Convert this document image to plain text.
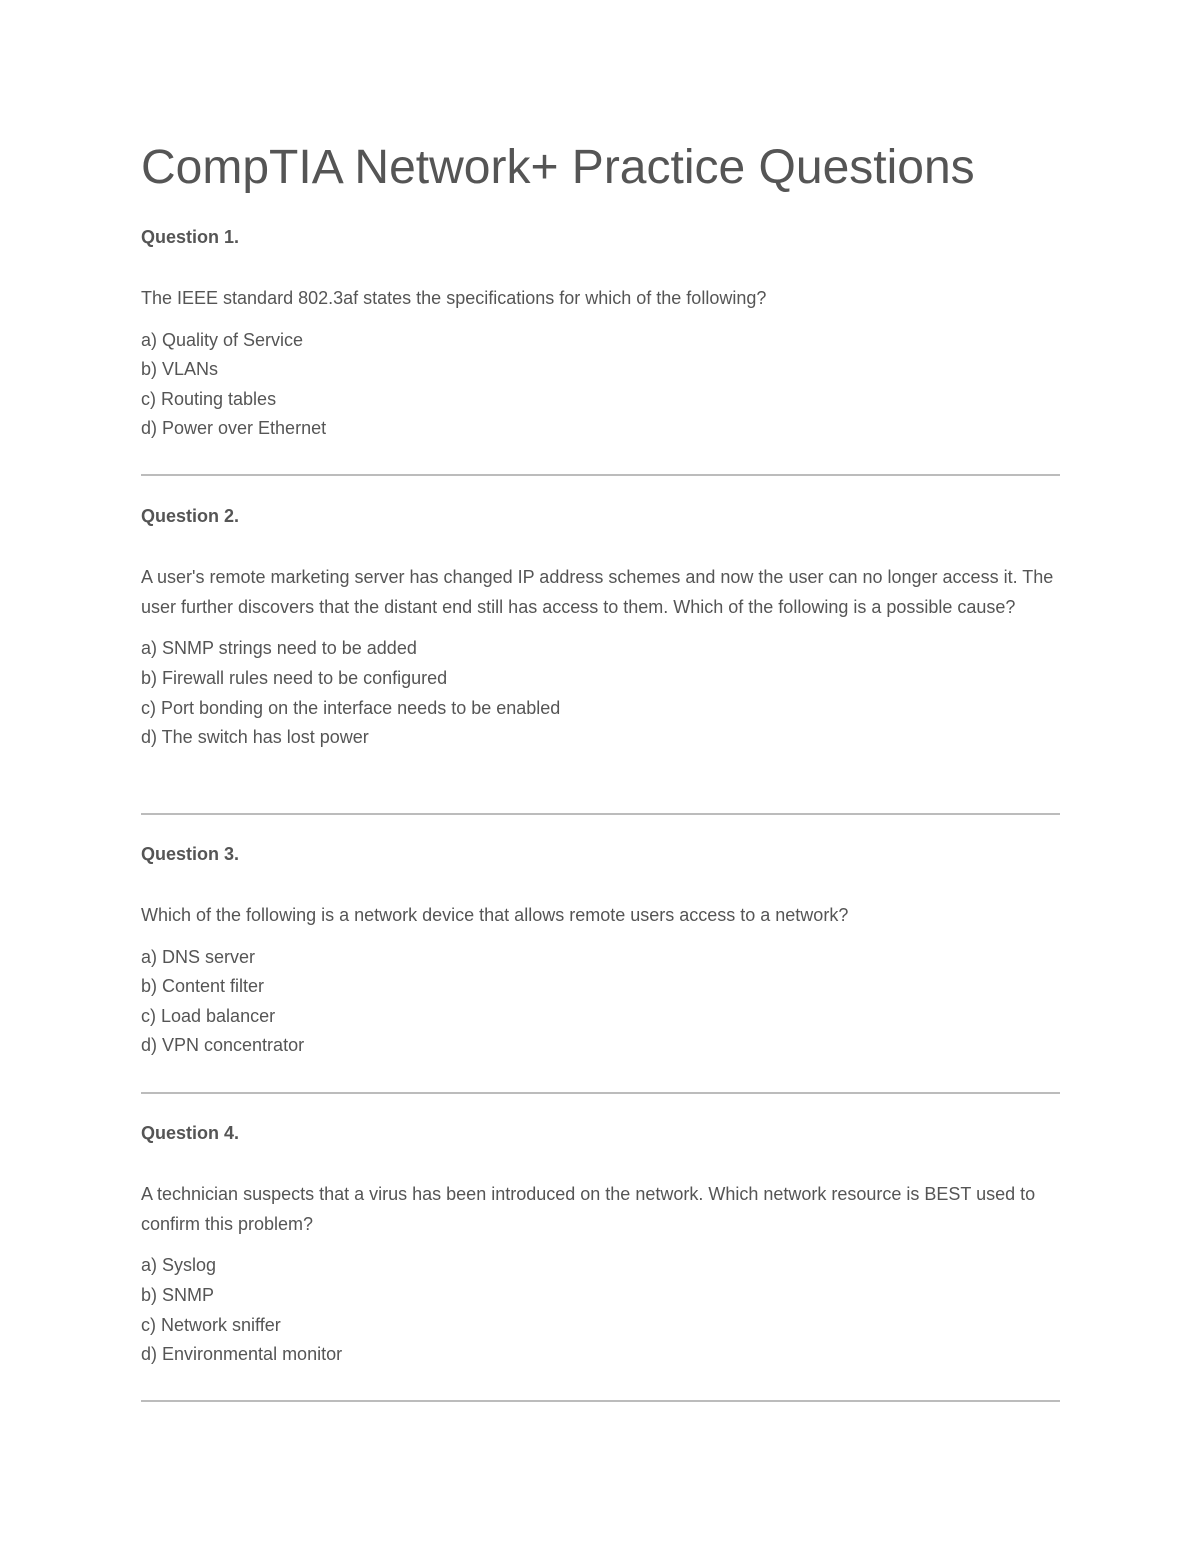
CompTIA Network+ Practice Questions
Question 1.

The IEEE standard 802.3af states the specifications for which of the following?

a) Quality of Service
b) VLANs
c) Routing tables
d) Power over Ethernet
Question 2.

A user's remote marketing server has changed IP address schemes and now the user can no longer access it. The user further discovers that the distant end still has access to them. Which of the following is a possible cause?

a) SNMP strings need to be added
b) Firewall rules need to be configured
c) Port bonding on the interface needs to be enabled
d) The switch has lost power
Question 3.

Which of the following is a network device that allows remote users access to a network?

a) DNS server
b) Content filter
c) Load balancer
d) VPN concentrator
Question 4.

A technician suspects that a virus has been introduced on the network. Which network resource is BEST used to confirm this problem?

a) Syslog
b) SNMP
c) Network sniffer
d) Environmental monitor
